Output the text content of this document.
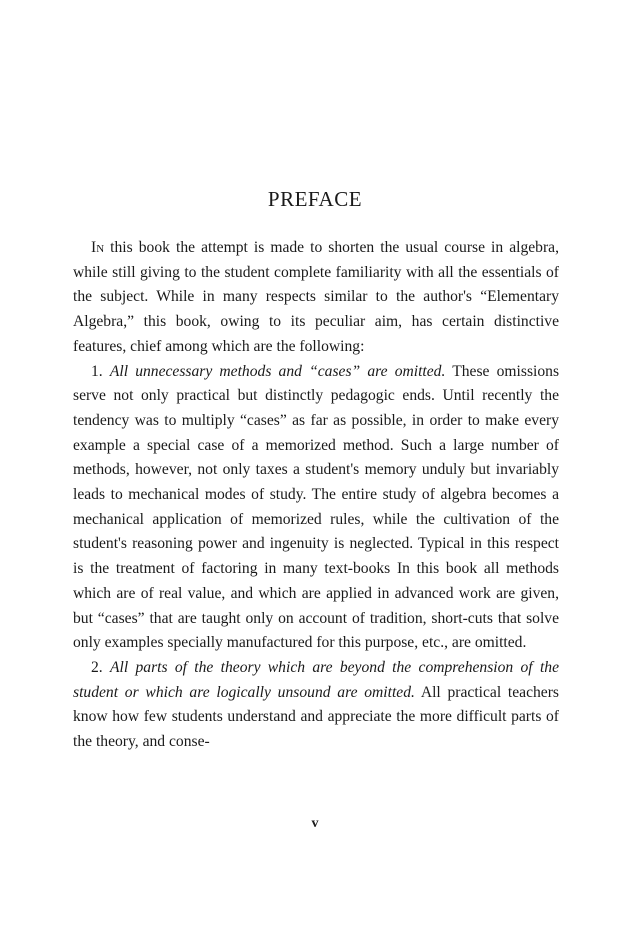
PREFACE

In this book the attempt is made to shorten the usual course in algebra, while still giving to the student complete familiarity with all the essentials of the subject. While in many respects similar to the author's “Elementary Algebra,” this book, owing to its peculiar aim, has certain distinctive features, chief among which are the following:

1. All unnecessary methods and “cases” are omitted. These omissions serve not only practical but distinctly pedagogic ends. Until recently the tendency was to multiply “cases” as far as possible, in order to make every example a special case of a memorized method. Such a large number of methods, however, not only taxes a student's memory unduly but invariably leads to mechanical modes of study. The entire study of algebra becomes a mechanical application of memorized rules, while the cultivation of the student's reasoning power and ingenuity is neglected. Typical in this respect is the treatment of factoring in many text-books In this book all methods which are of real value, and which are applied in advanced work are given, but “cases” that are taught only on account of tradition, short-cuts that solve only examples specially manufactured for this purpose, etc., are omitted.

2. All parts of the theory which are beyond the comprehension of the student or which are logically unsound are omitted. All practical teachers know how few students understand and appreciate the more difficult parts of the theory, and conse-

v
